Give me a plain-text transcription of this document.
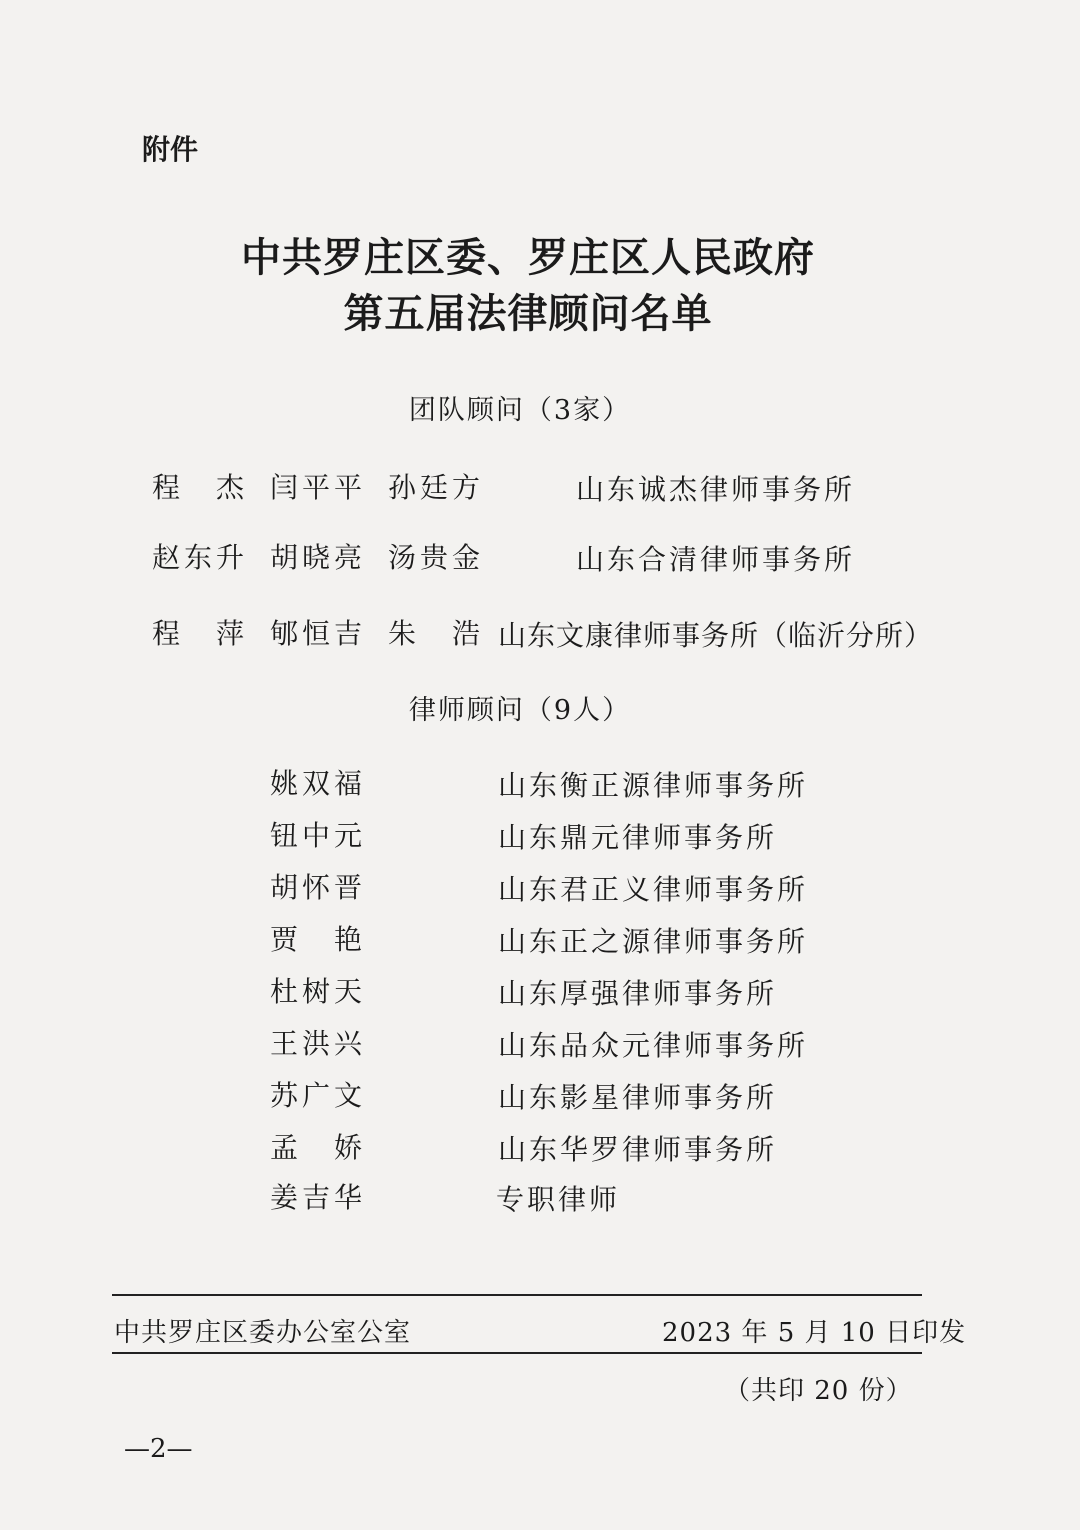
附件
中共罗庄区委、罗庄区人民政府
第五届法律顾问名单
团队顾问（3家）
程　杰 闫平平 孙廷方	山东诚杰律师事务所
赵东升 胡晓亮 汤贵金	山东合清律师事务所
程　萍 郇恒吉 朱　浩 山东文康律师事务所（临沂分所）
律师顾问（9人）
姚双福	山东衡正源律师事务所
钮中元	山东鼎元律师事务所
胡怀晋	山东君正义律师事务所
贾　艳	山东正之源律师事务所
杜树天	山东厚强律师事务所
王洪兴	山东品众元律师事务所
苏广文	山东影星律师事务所
孟　娇	山东华罗律师事务所
姜吉华	专职律师
中共罗庄区委办公室公室	2023 年 5 月 10 日印发
（共印 20 份）
—2—
